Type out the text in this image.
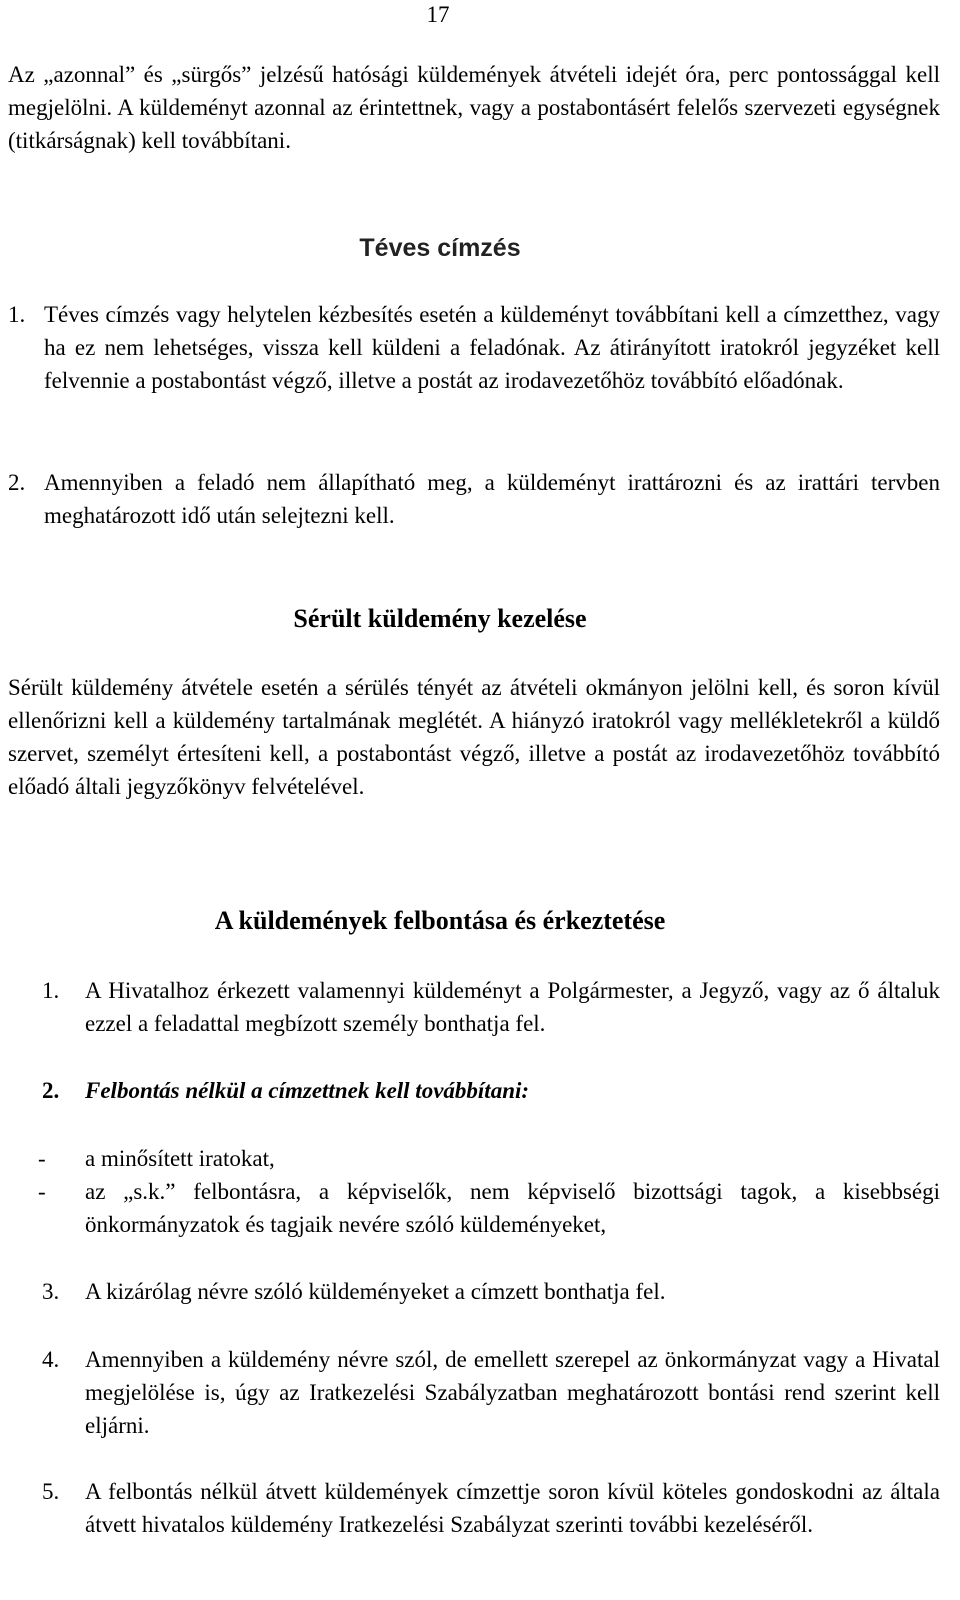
17

Az „azonnal” és „sürgős” jelzésű hatósági küldemények átvételi idejét óra, perc pontossággal kell megjelölni. A küldeményt azonnal az érintettnek, vagy a postabontásért felelős szervezeti egységnek (titkárságnak) kell továbbítani.

Téves címzés
1. Téves címzés vagy helytelen kézbesítés esetén a küldeményt továbbítani kell a címzetthez, vagy ha ez nem lehetséges, vissza kell küldeni a feladónak. Az átirányított iratokról jegyzéket kell felvennie a postabontást végző, illetve a postát az irodavezetőhöz továbbító előadónak.
2. Amennyiben a feladó nem állapítható meg, a küldeményt irattározni és az irattári tervben meghatározott idő után selejtezni kell.
Sérült küldemény kezelése

Sérült küldemény átvétele esetén a sérülés tényét az átvételi okmányon jelölni kell, és soron kívül ellenőrizni kell a küldemény tartalmának meglétét. A hiányzó iratokról vagy mellékletekről a küldő szervet, személyt értesíteni kell, a postabontást végző, illetve a postát az irodavezetőhöz továbbító előadó általi jegyzőkönyv felvételével.

A küldemények felbontása és érkeztetése
1. A Hivatalhoz érkezett valamennyi küldeményt a Polgármester, a Jegyző, vagy az ő általuk ezzel a feladattal megbízott személy bonthatja fel.
2. Felbontás nélkül a címzettnek kell továbbítani:
- a minősített iratokat,
- az „s.k.” felbontásra, a képviselők, nem képviselő bizottsági tagok, a kisebbségi önkormányzatok és tagjaik nevére szóló küldeményeket,
3. A kizárólag névre szóló küldeményeket a címzett bonthatja fel.
4. Amennyiben a küldemény névre szól, de emellett szerepel az önkormányzat vagy a Hivatal megjelölése is, úgy az Iratkezelési Szabályzatban meghatározott bontási rend szerint kell eljárni.
5. A felbontás nélkül átvett küldemények címzettje soron kívül köteles gondoskodni az általa átvett hivatalos küldemény Iratkezelési Szabályzat szerinti további kezeléséről.
